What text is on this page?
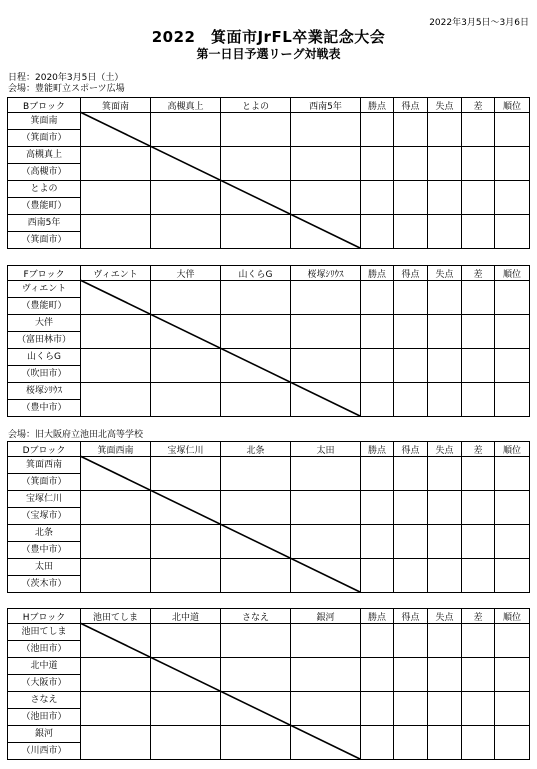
2022年3月5日～3月6日
2022　箕面市JrFL卒業記念大会
第一日目予選リーグ対戦表
日程：2020年3月5日（土）
会場：豊能町立スポーツ広場
会場：旧大阪府立池田北高等学校
Bブロック	箕面南	高槻真上	とよの	西南5年	勝点	得点	失点	差	順位
箕面南									
（箕面市）									
高槻真上									
（高槻市）									
とよの									
（豊能町）									
西南5年									
（箕面市）									
Fブロック	ヴィエント	大伴	山くらG	桜塚ｼﾘｳｽ	勝点	得点	失点	差	順位
ヴィエント									
（豊能町）									
大伴									
（富田林市）									
山くらG									
（吹田市）									
桜塚ｼﾘｳｽ									
（豊中市）									
Dブロック	箕面西南	宝塚仁川	北条	太田	勝点	得点	失点	差	順位
箕面西南									
（箕面市）									
宝塚仁川									
（宝塚市）									
北条									
（豊中市）									
太田									
（茨木市）									
Hブロック	池田てしま	北中道	さなえ	銀河	勝点	得点	失点	差	順位
池田てしま									
（池田市）									
北中道									
（大阪市）									
さなえ									
（池田市）									
銀河									
（川西市）									
